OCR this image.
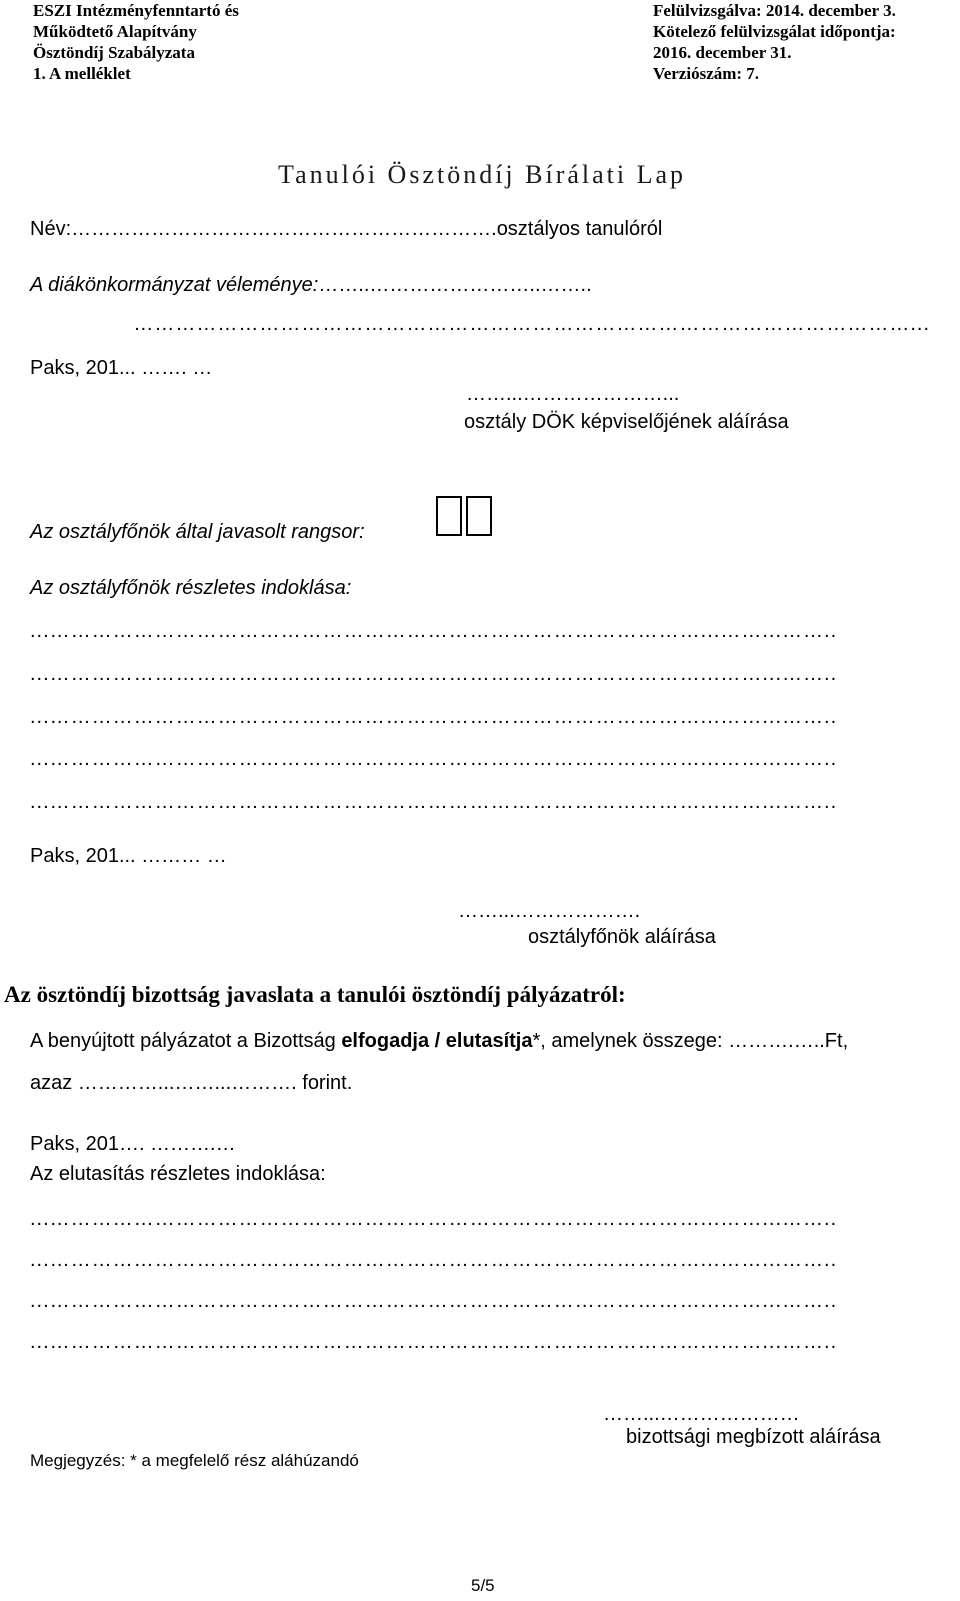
ESZI Intézményfenntartó és
Működtető Alapítvány
Ösztöndíj Szabályzata
1. A melléklet
Felülvizsgálva: 2014. december 3.
Kötelező felülvizsgálat időpontja:
2016. december 31.
Verziószám: 7.
Tanulói Ösztöndíj Bírálati Lap
Név:……………………………………………………….osztályos tanulóról
A diákönkormányzat véleménye:……..……………………..……..
…………………………………………………………………………………………………...
Paks, 201... ……. …
……...…………………...
osztály DÖK képviselőjének aláírása
Az osztályfőnök által javasolt rangsor:
Az osztályfőnök részletes indoklása:
...…………………………………………………………………………………...……...……..
...…………………………………………………………………………………...……...……..
...…………………………………………………………………………………...……...……..
...…………………………………………………………………………………...……...……..
...…………………………………………………………………………………...……...……..
Paks, 201... ……… …
……...……………….
osztályfőnök aláírása
Az ösztöndíj bizottság javaslata a tanulói ösztöndíj pályázatról:
A benyújtott pályázatot a Bizottság elfogadja / elutasítja*, amelynek összege: ……….…..Ft,
azaz …………...……...………. forint.
Paks, 201…. ……….…
Az elutasítás részletes indoklása:
...…………………………………………………………………………………...……...……..
...…………………………………………………………………………………...……...……..
...…………………………………………………………………………………...……...……..
...…………………………………………………………………………………...……...……..
……...…………………
bizottsági megbízott aláírása
Megjegyzés: * a megfelelő rész aláhúzandó
5/5
